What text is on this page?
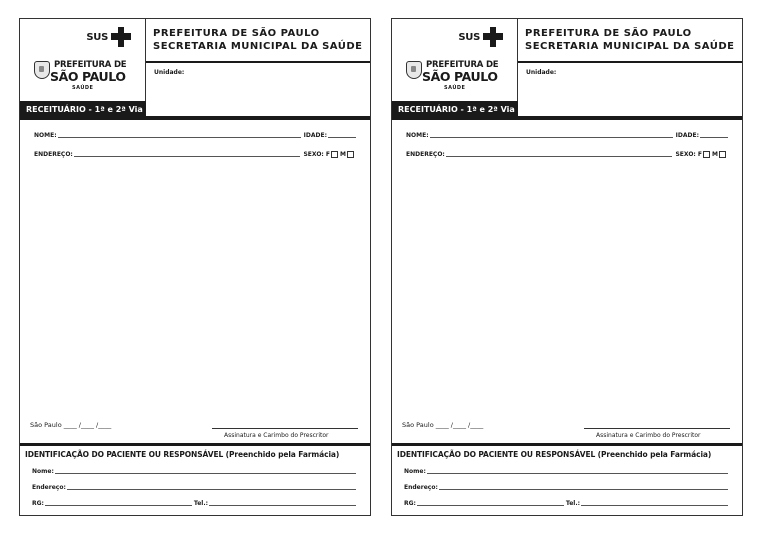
SUS
PREFEITURA DE
SÃO PAULO
SAÚDE
RECEITUÁRIO - 1ª e 2ª Via
PREFEITURA DE SÃO PAULO
SECRETARIA MUNICIPAL DA SAÚDE
Unidade:
NOME:	IDADE:
ENDEREÇO:	SEXO: F M
São Paulo ____ /____ /____
Assinatura e Carimbo do Prescritor
IDENTIFICAÇÃO DO PACIENTE OU RESPONSÁVEL (Preenchido pela Farmácia)
Nome:
Endereço:
RG:	Tel.:
SUS
PREFEITURA DE
SÃO PAULO
SAÚDE
RECEITUÁRIO - 1ª e 2ª Via
PREFEITURA DE SÃO PAULO
SECRETARIA MUNICIPAL DA SAÚDE
Unidade:
NOME:	IDADE:
ENDEREÇO:	SEXO: F M
São Paulo ____ /____ /____
Assinatura e Carimbo do Prescritor
IDENTIFICAÇÃO DO PACIENTE OU RESPONSÁVEL (Preenchido pela Farmácia)
Nome:
Endereço:
RG:	Tel.:
